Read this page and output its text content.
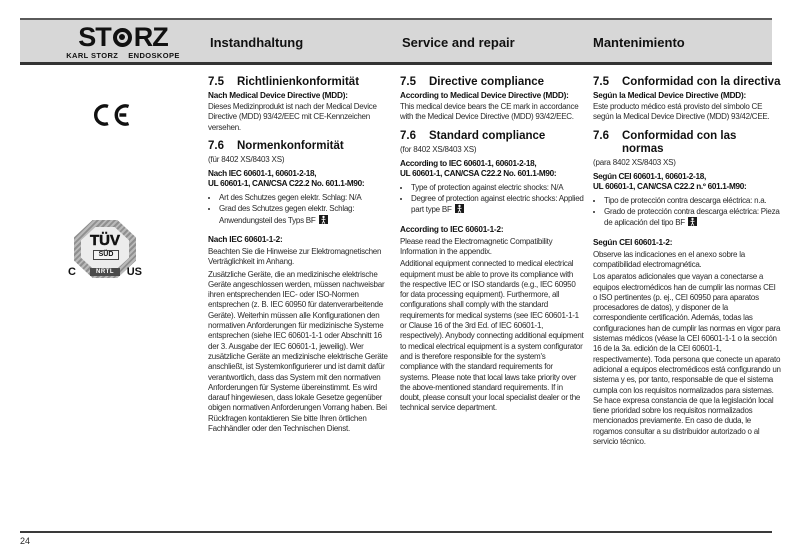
ST RZ
KARL STORZ ENDOSKOPE
Instandhaltung	Service and repair	Mantenimiento
TÜV
SÜD
NRTL
C	US
7.5 Richtlinienkonformität

Nach Medical Device Directive (MDD):

Dieses Medizinprodukt ist nach der Medical Device Directive (MDD) 93/42/EEC mit CE-Kennzeichen versehen.

7.6 Normenkonformität

(für 8402 XS/8403 XS)

Nach IEC 60601-1, 60601-2-18,

UL 60601-1, CAN/CSA C22.2 No. 601.1-M90:

• Art des Schutzes gegen elektr. Schlag: N/A
• Grad des Schutzes gegen elektr. Schlag: Anwendungsteil des Typs BF

Nach IEC 60601-1-2:

Beachten Sie die Hinweise zur Elektromagnetischen Verträglichkeit im Anhang.

Zusätzliche Geräte, die an medizinische elektrische Geräte angeschlossen werden, müssen nachweisbar ihren entsprechenden IEC- oder ISO-Normen entsprechen (z. B. IEC 60950 für datenverarbeitende Geräte). Weiterhin müssen alle Konfigurationen den normativen Anforderungen für medizinische Systeme entsprechen (siehe IEC 60601-1-1 oder Abschnitt 16 der 3. Ausgabe der IEC 60601-1, jeweilig). Wer zusätzliche Geräte an medizinische elektrische Geräte anschließt, ist Systemkonfigurierer und ist damit dafür verantwortlich, dass das System mit den normativen Anforderungen für Systeme übereinstimmt. Es wird darauf hingewiesen, dass lokale Gesetze gegenüber obigen normativen Anforderungen Vorrang haben. Bei Rückfragen kontaktieren Sie bitte Ihren örtlichen Fachhändler oder den Technischen Dienst.

7.5 Directive compliance

According to Medical Device Directive (MDD):

This medical device bears the CE mark in accordance with the Medical Device Directive (MDD) 93/42/EEC.

7.6 Standard compliance

(for 8402 XS/8403 XS)

According to IEC 60601-1, 60601-2-18,

UL 60601-1, CAN/CSA C22.2 No. 601.1-M90:

• Type of protection against electric shocks: N/A
• Degree of protection against electric shocks: Applied part type BF

According to IEC 60601-1-2:

Please read the Electromagnetic Compatibility Information in the appendix.

Additional equipment connected to medical electrical equipment must be able to prove its compliance with the respective IEC or ISO standards (e.g., IEC 60950 for data processing equipment). Furthermore, all configurations shall comply with the standard requirements for medical systems (see IEC 60601-1-1 or Clause 16 of the 3rd Ed. of IEC 60601-1, respectively). Anybody connecting additional equipment to medical electrical equipment is a system configurator and is therefore responsible for the system's compliance with the standard requirements for systems. Please note that local laws take priority over the above-mentioned standard requirements. If in doubt, please consult your local specialist dealer or the technical service department.

7.5 Conformidad con la directiva

Según la Medical Device Directive (MDD):

Este producto médico está provisto del símbolo CE según la Medical Device Directive (MDD) 93/42/CEE.

7.6 Conformidad con las normas

(para 8402 XS/8403 XS)

Según CEI 60601-1, 60601-2-18,

UL 60601-1, CAN/CSA C22.2 n.º 601.1-M90:

• Tipo de protección contra descarga eléctrica: n.a.
• Grado de protección contra descarga eléctrica: Pieza de aplicación del tipo BF

Según CEI 60601-1-2:

Observe las indicaciones en el anexo sobre la compatibilidad electromagnética.

Los aparatos adicionales que vayan a conectarse a equipos electromédicos han de cumplir las normas CEI o ISO pertinentes (p. ej., CEI 60950 para aparatos procesadores de datos), y disponer de la correspondiente certificación. Además, todas las configuraciones han de cumplir las normas en vigor para sistemas médicos (véase la CEI 60601-1-1 o la sección 16 de la 3a. edición de la CEI 60601-1, respectivamente). Toda persona que conecte un aparato adicional a equipos electromédicos está configurando un sistema y es, por tanto, responsable de que el sistema cumpla con los requisitos normalizados para sistemas. Se hace expresa constancia de que la legislación local tiene prioridad sobre los requisitos normalizados mencionados previamente. En caso de duda, le rogamos consultar a su distribuidor autorizado o al servicio técnico.

24
